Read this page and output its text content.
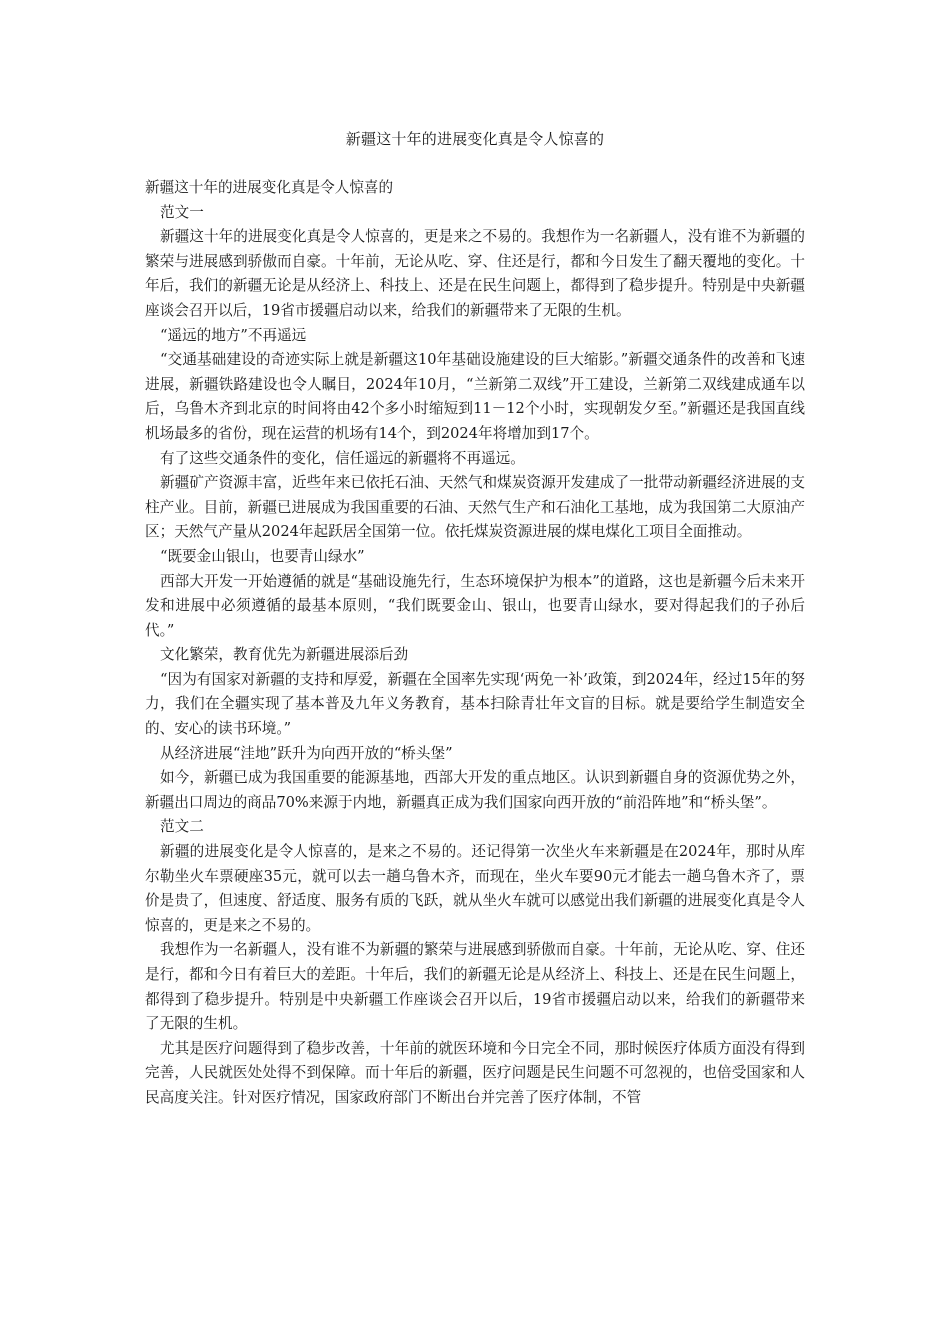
新疆这十年的进展变化真是令人惊喜的

新疆这十年的进展变化真是令人惊喜的

范文一

新疆这十年的进展变化真是令人惊喜的，更是来之不易的。我想作为一名新疆人，没有谁不为新疆的繁荣与进展感到骄傲而自豪。十年前，无论从吃、穿、住还是行，都和今日发生了翻天覆地的变化。十年后，我们的新疆无论是从经济上、科技上、还是在民生问题上，都得到了稳步提升。特别是中央新疆座谈会召开以后，19省市援疆启动以来，给我们的新疆带来了无限的生机。

“遥远的地方”不再遥远

“交通基础建设的奇迹实际上就是新疆这10年基础设施建设的巨大缩影。”新疆交通条件的改善和飞速进展，新疆铁路建设也令人瞩目，2024年10月，“兰新第二双线”开工建设，兰新第二双线建成通车以后，乌鲁木齐到北京的时间将由42个多小时缩短到11－12个小时，实现朝发夕至。”新疆还是我国直线机场最多的省份，现在运营的机场有14个，到2024年将增加到17个。

有了这些交通条件的变化，信任遥远的新疆将不再遥远。

新疆矿产资源丰富，近些年来已依托石油、天然气和煤炭资源开发建成了一批带动新疆经济进展的支柱产业。目前，新疆已进展成为我国重要的石油、天然气生产和石油化工基地，成为我国第二大原油产区；天然气产量从2024年起跃居全国第一位。依托煤炭资源进展的煤电煤化工项目全面推动。

“既要金山银山，也要青山绿水”

西部大开发一开始遵循的就是“基础设施先行，生态环境保护为根本”的道路，这也是新疆今后未来开发和进展中必须遵循的最基本原则，“我们既要金山、银山，也要青山绿水，要对得起我们的子孙后代。”

文化繁荣，教育优先为新疆进展添后劲

“因为有国家对新疆的支持和厚爱，新疆在全国率先实现‘两免一补’政策，到2024年，经过15年的努力，我们在全疆实现了基本普及九年义务教育，基本扫除青壮年文盲的目标。就是要给学生制造安全的、安心的读书环境。”

从经济进展“洼地”跃升为向西开放的“桥头堡”

如今，新疆已成为我国重要的能源基地，西部大开发的重点地区。认识到新疆自身的资源优势之外，新疆出口周边的商品70%来源于内地，新疆真正成为我们国家向西开放的“前沿阵地”和“桥头堡”。

范文二

新疆的进展变化是令人惊喜的，是来之不易的。还记得第一次坐火车来新疆是在2024年，那时从库尔勒坐火车票硬座35元，就可以去一趟乌鲁木齐，而现在，坐火车要90元才能去一趟乌鲁木齐了，票价是贵了，但速度、舒适度、服务有质的飞跃，就从坐火车就可以感觉出我们新疆的进展变化真是令人惊喜的，更是来之不易的。

我想作为一名新疆人，没有谁不为新疆的繁荣与进展感到骄傲而自豪。十年前，无论从吃、穿、住还是行，都和今日有着巨大的差距。十年后，我们的新疆无论是从经济上、科技上、还是在民生问题上，都得到了稳步提升。特别是中央新疆工作座谈会召开以后，19省市援疆启动以来，给我们的新疆带来了无限的生机。

尤其是医疗问题得到了稳步改善，十年前的就医环境和今日完全不同，那时候医疗体质方面没有得到完善，人民就医处处得不到保障。而十年后的新疆，医疗问题是民生问题不可忽视的，也倍受国家和人民高度关注。针对医疗情况，国家政府部门不断出台并完善了医疗体制，不管
